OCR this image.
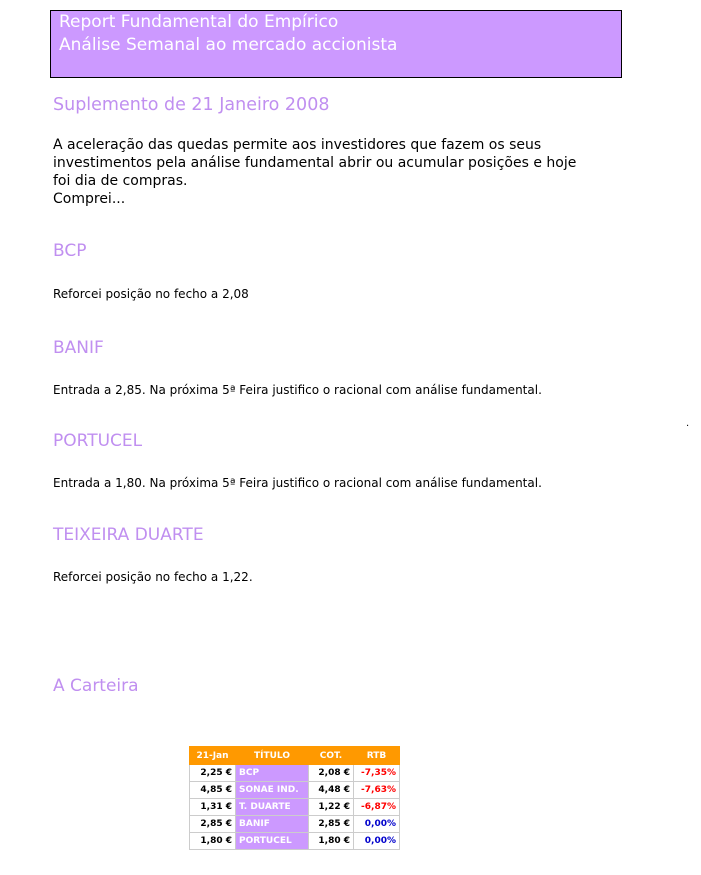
Report Fundamental do Empírico
Análise Semanal ao mercado accionista
Suplemento de 21 Janeiro 2008
A aceleração das quedas permite aos investidores que fazem os seus
investimentos pela análise fundamental abrir ou acumular posições e hoje
foi dia de compras.
Comprei...
BCP
Reforcei posição no fecho a 2,08
BANIF
Entrada a 2,85. Na próxima 5ª Feira justifico o racional com análise fundamental.
PORTUCEL
Entrada a 1,80. Na próxima 5ª Feira justifico o racional com análise fundamental.
TEIXEIRA DUARTE
Reforcei posição no fecho a 1,22.
.
A Carteira
21-Jan	TÍTULO	COT.	RTB
2,25 €	BCP	2,08 €	-7,35%
4,85 €	SONAE IND.	4,48 €	-7,63%
1,31 €	T. DUARTE	1,22 €	-6,87%
2,85 €	BANIF	2,85 €	0,00%
1,80 €	PORTUCEL	1,80 €	0,00%
